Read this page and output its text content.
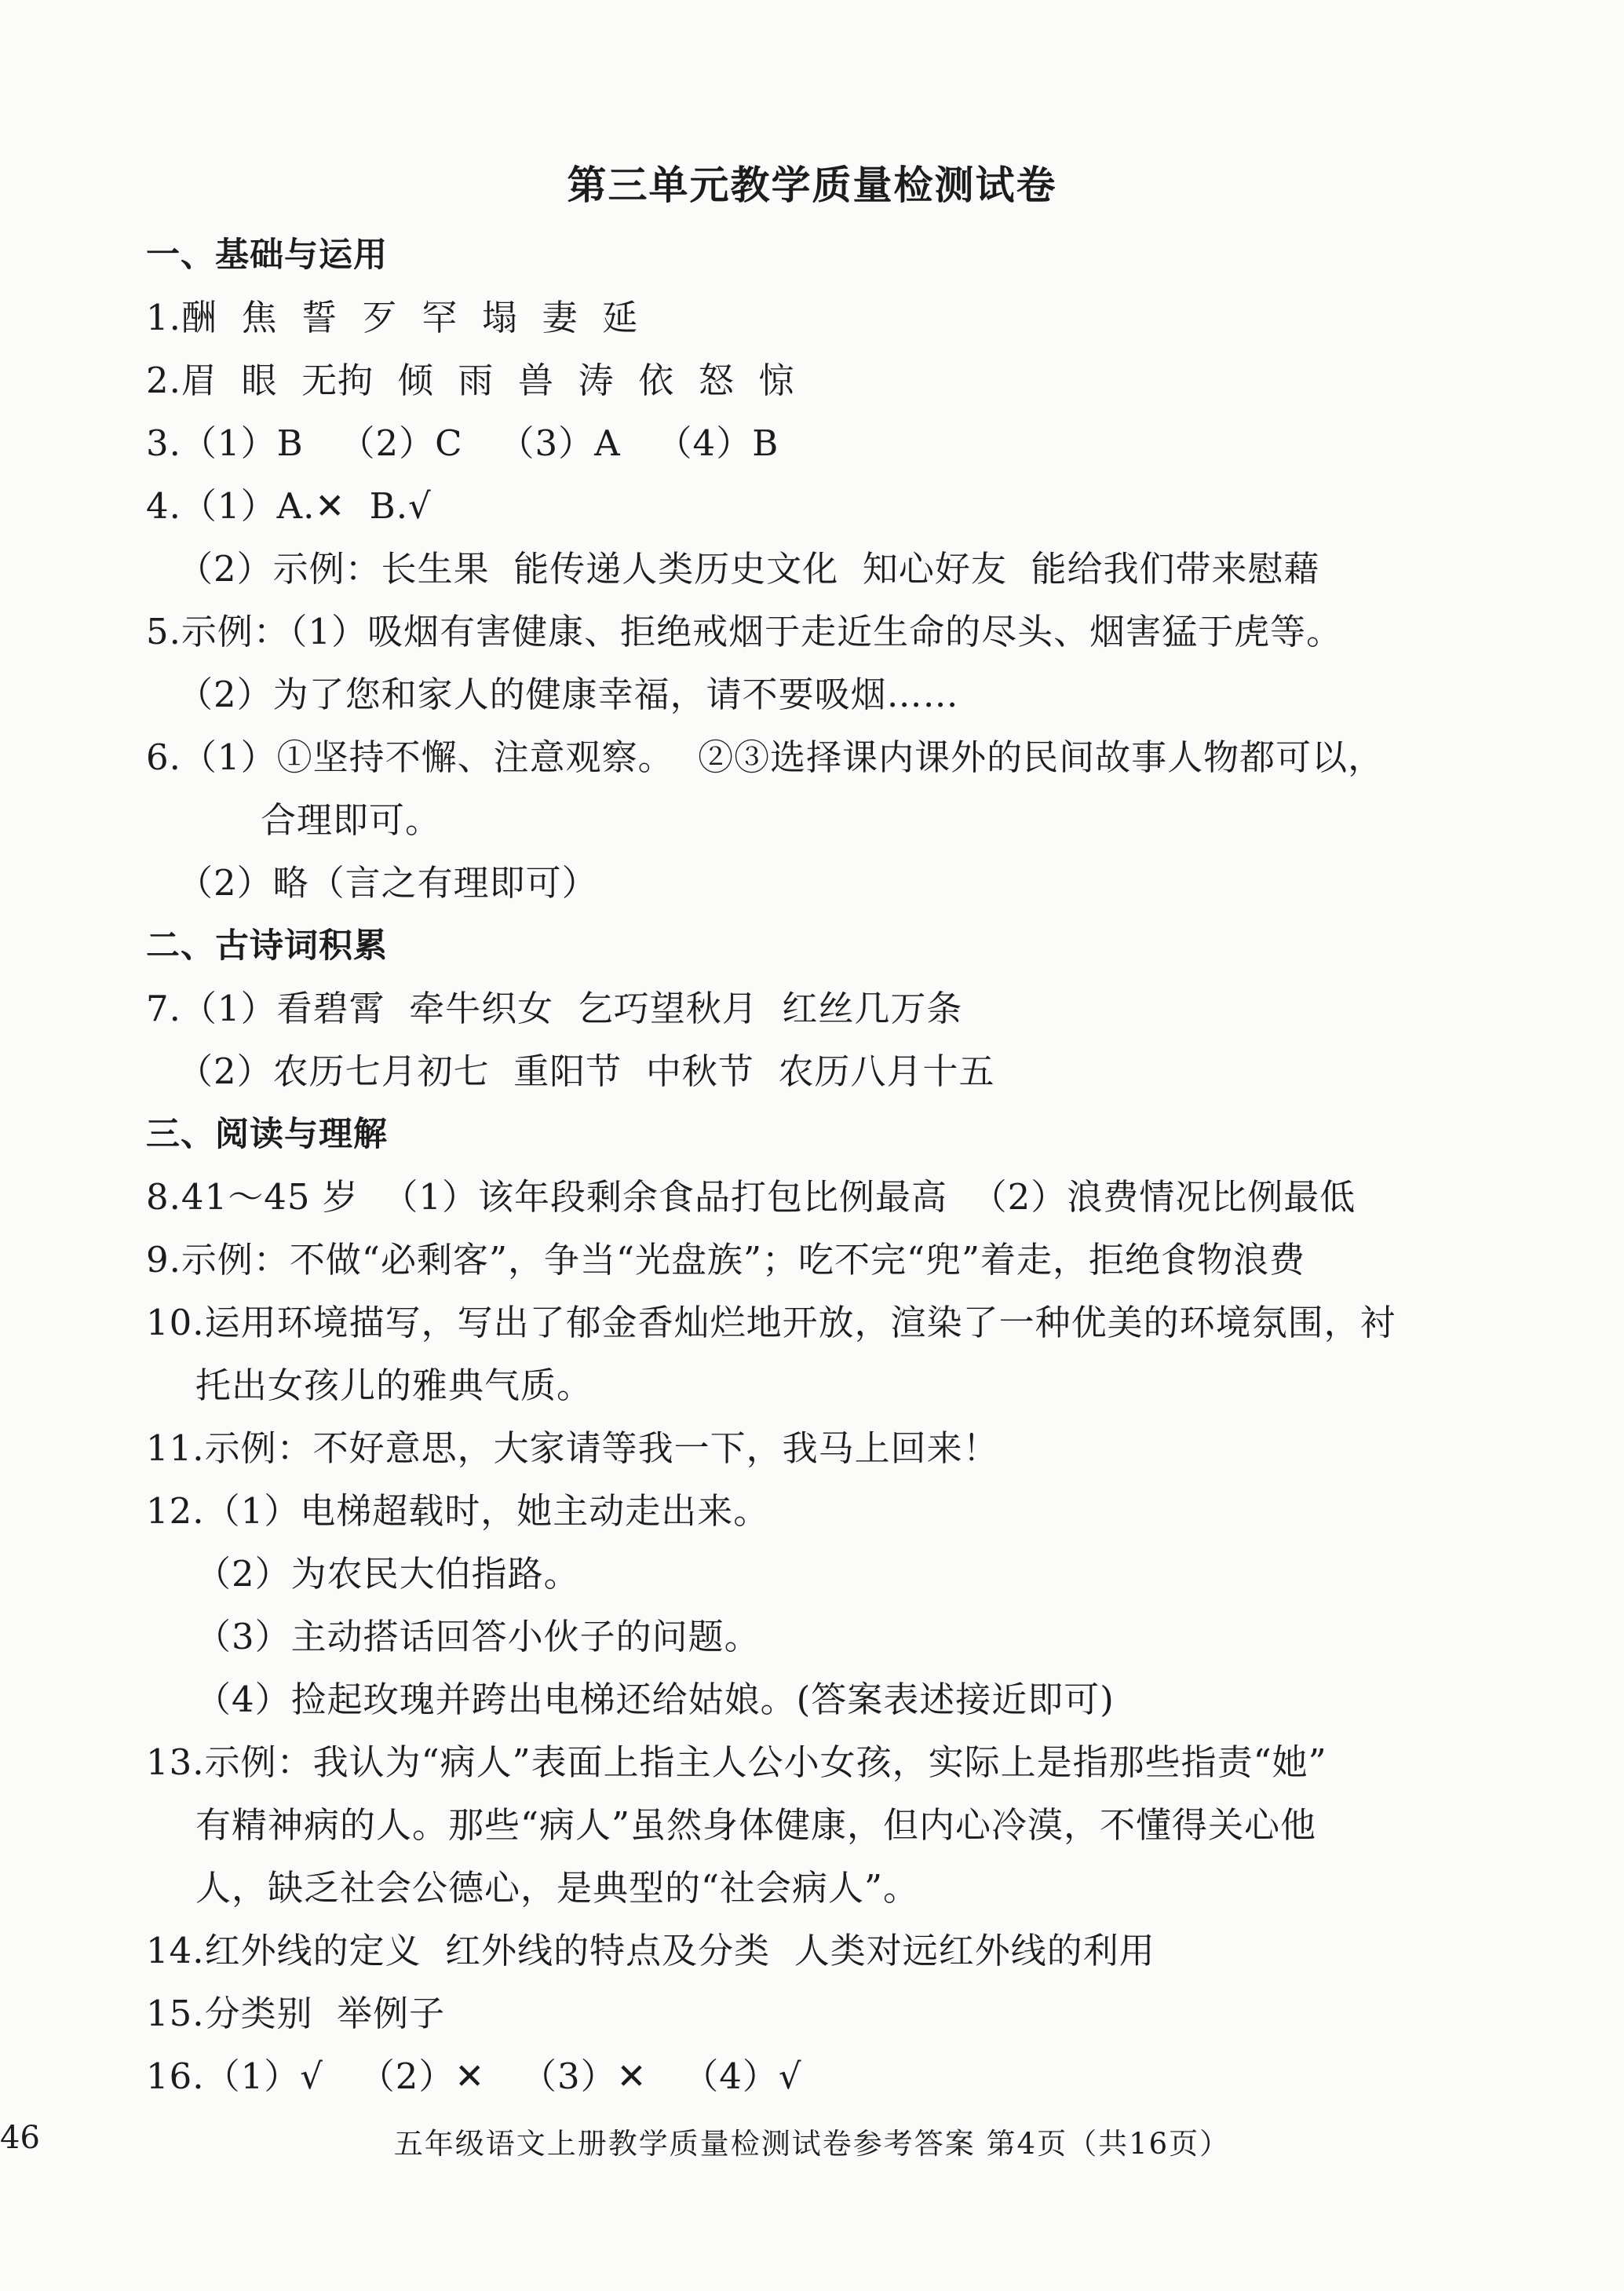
第三单元教学质量检测试卷
一、基础与运用
1.酬  焦  誓  歹  罕  塌  妻  延
2.眉  眼  无拘  倾  雨  兽  涛  依  怒  惊
3.（1）B   （2）C   （3）A   （4）B
4.（1）A.✕  B.√
（2）示例：长生果  能传递人类历史文化  知心好友  能给我们带来慰藉
5.示例：（1）吸烟有害健康、拒绝戒烟于走近生命的尽头、烟害猛于虎等。
（2）为了您和家人的健康幸福，请不要吸烟……
6.（1）①坚持不懈、注意观察。  ②③选择课内课外的民间故事人物都可以，
合理即可。
（2）略（言之有理即可）
二、古诗词积累
7.（1）看碧霄  牵牛织女  乞巧望秋月  红丝几万条
（2）农历七月初七  重阳节  中秋节  农历八月十五
三、阅读与理解
8.41～45 岁  （1）该年段剩余食品打包比例最高  （2）浪费情况比例最低
9.示例：不做“必剩客”，争当“光盘族”；吃不完“兜”着走，拒绝食物浪费
10.运用环境描写，写出了郁金香灿烂地开放，渲染了一种优美的环境氛围，衬
托出女孩儿的雅典气质。
11.示例：不好意思，大家请等我一下，我马上回来！
12.（1）电梯超载时，她主动走出来。
（2）为农民大伯指路。
（3）主动搭话回答小伙子的问题。
（4）捡起玫瑰并跨出电梯还给姑娘。(答案表述接近即可)
13.示例：我认为“病人”表面上指主人公小女孩，实际上是指那些指责“她”
有精神病的人。那些“病人”虽然身体健康，但内心冷漠，不懂得关心他
人，缺乏社会公德心，是典型的“社会病人”。
14.红外线的定义  红外线的特点及分类  人类对远红外线的利用
15.分类别  举例子
16.（1）√   （2）✕   （3）✕   （4）√
46	五年级语文上册教学质量检测试卷参考答案 第4页（共16页）
